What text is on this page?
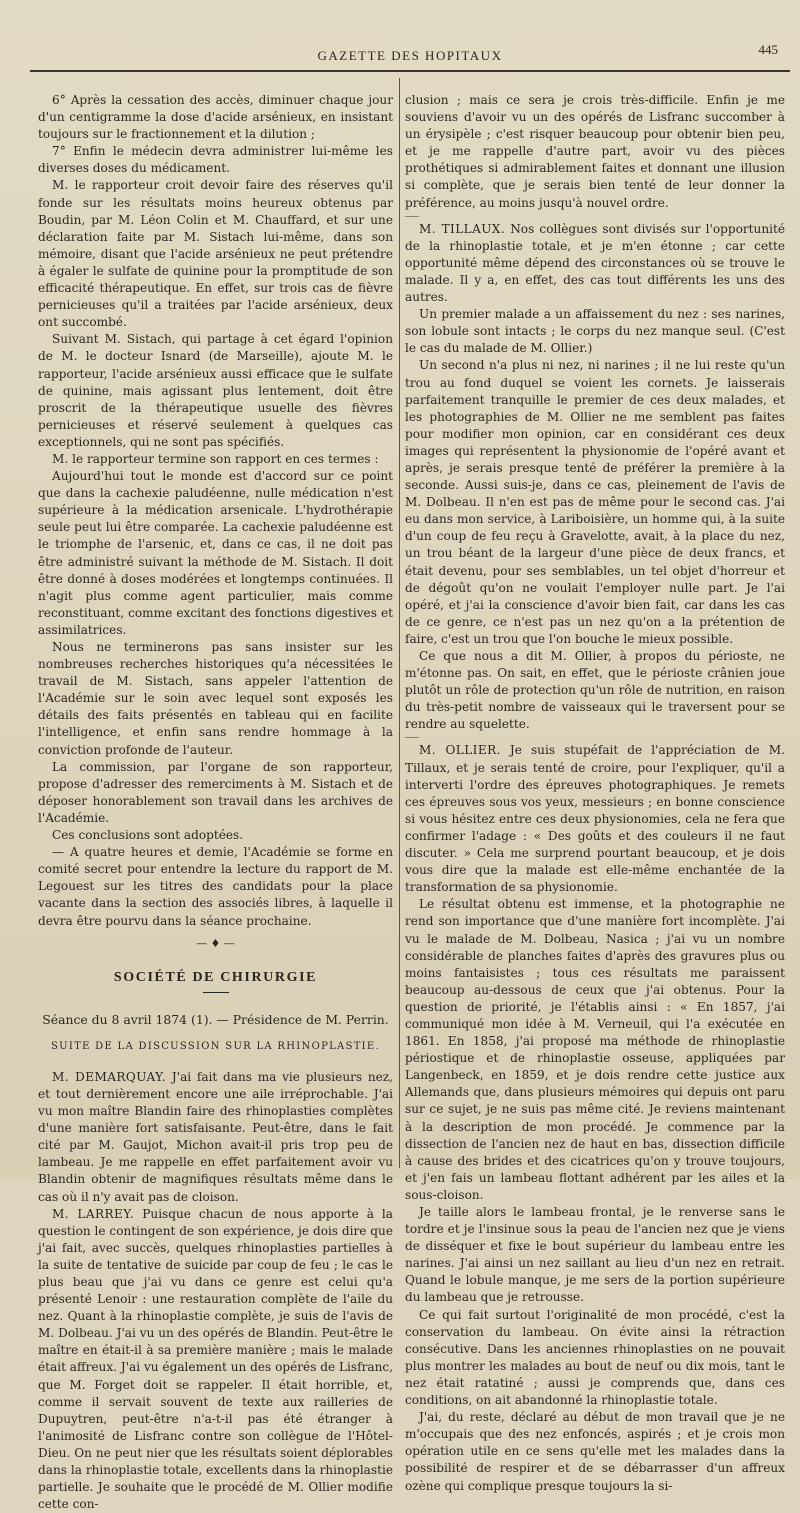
GAZETTE DES HOPITAUX	445

6° Après la cessation des accès, diminuer chaque jour d'un centigramme la dose d'acide arsénieux, en insistant toujours sur le fractionnement et la dilution ;

7° Enfin le médecin devra administrer lui-même les diverses doses du médicament.

M. le rapporteur croit devoir faire des réserves qu'il fonde sur les résultats moins heureux obtenus par Boudin, par M. Léon Colin et M. Chauffard, et sur une déclaration faite par M. Sistach lui-même, dans son mémoire, disant que l'acide arsénieux ne peut prétendre à égaler le sulfate de quinine pour la promptitude de son efficacité thérapeutique. En effet, sur trois cas de fièvre pernicieuses qu'il a traitées par l'acide arsénieux, deux ont succombé.

Suivant M. Sistach, qui partage à cet égard l'opinion de M. le docteur Isnard (de Marseille), ajoute M. le rapporteur, l'acide arsénieux aussi efficace que le sulfate de quinine, mais agissant plus lentement, doit être proscrit de la thérapeutique usuelle des fièvres pernicieuses et réservé seulement à quelques cas exceptionnels, qui ne sont pas spécifiés.

M. le rapporteur termine son rapport en ces termes :

Aujourd'hui tout le monde est d'accord sur ce point que dans la cachexie paludéenne, nulle médication n'est supérieure à la médication arsenicale. L'hydrothérapie seule peut lui être comparée. La cachexie paludéenne est le triomphe de l'arsenic, et, dans ce cas, il ne doit pas être administré suivant la méthode de M. Sistach. Il doit être donné à doses modérées et longtemps continuées. Il n'agit plus comme agent particulier, mais comme reconstituant, comme excitant des fonctions digestives et assimilatrices.

Nous ne terminerons pas sans insister sur les nombreuses recherches historiques qu'a nécessitées le travail de M. Sistach, sans appeler l'attention de l'Académie sur le soin avec lequel sont exposés les détails des faits présentés en tableau qui en facilite l'intelligence, et enfin sans rendre hommage à la conviction profonde de l'auteur.

La commission, par l'organe de son rapporteur, propose d'adresser des remerciments à M. Sistach et de déposer honorablement son travail dans les archives de l'Académie.

Ces conclusions sont adoptées.

— A quatre heures et demie, l'Académie se forme en comité secret pour entendre la lecture du rapport de M. Legouest sur les titres des candidats pour la place vacante dans la section des associés libres, à laquelle il devra être pourvu dans la séance prochaine.

— ♦ —
SOCIÉTÉ DE CHIRURGIE

Séance du 8 avril 1874 (1). — Présidence de M. Perrin.

SUITE DE LA DISCUSSION SUR LA RHINOPLASTIE.

M. DEMARQUAY. J'ai fait dans ma vie plusieurs nez, et tout dernièrement encore une aile irréprochable. J'ai vu mon maître Blandin faire des rhinoplasties complètes d'une manière fort satisfaisante. Peut-être, dans le fait cité par M. Gaujot, Michon avait-il pris trop peu de lambeau. Je me rappelle en effet parfaitement avoir vu Blandin obtenir de magnifiques résultats même dans le cas où il n'y avait pas de cloison.

M. LARREY. Puisque chacun de nous apporte à la question le contingent de son expérience, je dois dire que j'ai fait, avec succès, quelques rhinoplasties partielles à la suite de tentative de suicide par coup de feu ; le cas le plus beau que j'ai vu dans ce genre est celui qu'a présenté Lenoir : une restauration complète de l'aile du nez. Quant à la rhinoplastie complète, je suis de l'avis de M. Dolbeau. J'ai vu un des opérés de Blandin. Peut-être le maître en était-il à sa première manière ; mais le malade était affreux. J'ai vu également un des opérés de Lisfranc, que M. Forget doit se rappeler. Il était horrible, et, comme il servait souvent de texte aux railleries de Dupuytren, peut-être n'a-t-il pas été étranger à l'animosité de Lisfranc contre son collègue de l'Hôtel-Dieu. On ne peut nier que les résultats soient déplorables dans la rhinoplastie totale, excellents dans la rhinoplastie partielle. Je souhaite que le procédé de M. Ollier modifie cette con-

clusion ; mais ce sera je crois très-difficile. Enfin je me souviens d'avoir vu un des opérés de Lisfranc succomber à un érysipèle ; c'est risquer beaucoup pour obtenir bien peu, et je me rappelle d'autre part, avoir vu des pièces prothétiques si admirablement faites et donnant une illusion si complète, que je serais bien tenté de leur donner la préférence, au moins jusqu'à nouvel ordre.

M. TILLAUX. Nos collègues sont divisés sur l'opportunité de la rhinoplastie totale, et je m'en étonne ; car cette opportunité même dépend des circonstances où se trouve le malade. Il y a, en effet, des cas tout différents les uns des autres.

Un premier malade a un affaissement du nez : ses narines, son lobule sont intacts ; le corps du nez manque seul. (C'est le cas du malade de M. Ollier.)

Un second n'a plus ni nez, ni narines ; il ne lui reste qu'un trou au fond duquel se voient les cornets. Je laisserais parfaitement tranquille le premier de ces deux malades, et les photographies de M. Ollier ne me semblent pas faites pour modifier mon opinion, car en considérant ces deux images qui représentent la physionomie de l'opéré avant et après, je serais presque tenté de préférer la première à la seconde. Aussi suis-je, dans ce cas, pleinement de l'avis de M. Dolbeau. Il n'en est pas de même pour le second cas. J'ai eu dans mon service, à Lariboisière, un homme qui, à la suite d'un coup de feu reçu à Gravelotte, avait, à la place du nez, un trou béant de la largeur d'une pièce de deux francs, et était devenu, pour ses semblables, un tel objet d'horreur et de dégoût qu'on ne voulait l'employer nulle part. Je l'ai opéré, et j'ai la conscience d'avoir bien fait, car dans les cas de ce genre, ce n'est pas un nez qu'on a la prétention de faire, c'est un trou que l'on bouche le mieux possible.

Ce que nous a dit M. Ollier, à propos du périoste, ne m'étonne pas. On sait, en effet, que le périoste crânien joue plutôt un rôle de protection qu'un rôle de nutrition, en raison du très-petit nombre de vaisseaux qui le traversent pour se rendre au squelette.

M. OLLIER. Je suis stupéfait de l'appréciation de M. Tillaux, et je serais tenté de croire, pour l'expliquer, qu'il a interverti l'ordre des épreuves photographiques. Je remets ces épreuves sous vos yeux, messieurs ; en bonne conscience si vous hésitez entre ces deux physionomies, cela ne fera que confirmer l'adage : « Des goûts et des couleurs il ne faut discuter. » Cela me surprend pourtant beaucoup, et je dois vous dire que la malade est elle-même enchantée de la transformation de sa physionomie.

Le résultat obtenu est immense, et la photographie ne rend son importance que d'une manière fort incomplète. J'ai vu le malade de M. Dolbeau, Nasica ; j'ai vu un nombre considérable de planches faites d'après des gravures plus ou moins fantaisistes ; tous ces résultats me paraissent beaucoup au-dessous de ceux que j'ai obtenus. Pour la question de priorité, je l'établis ainsi : « En 1857, j'ai communiqué mon idée à M. Verneuil, qui l'a exécutée en 1861. En 1858, j'ai proposé ma méthode de rhinoplastie périostique et de rhinoplastie osseuse, appliquées par Langenbeck, en 1859, et je dois rendre cette justice aux Allemands que, dans plusieurs mémoires qui depuis ont paru sur ce sujet, je ne suis pas même cité. Je reviens maintenant à la description de mon procédé. Je commence par la dissection de l'ancien nez de haut en bas, dissection difficile à cause des brides et des cicatrices qu'on y trouve toujours, et j'en fais un lambeau flottant adhérent par les ailes et la sous-cloison.

Je taille alors le lambeau frontal, je le renverse sans le tordre et je l'insinue sous la peau de l'ancien nez que je viens de disséquer et fixe le bout supérieur du lambeau entre les narines. J'ai ainsi un nez saillant au lieu d'un nez en retrait. Quand le lobule manque, je me sers de la portion supérieure du lambeau que je retrousse.

Ce qui fait surtout l'originalité de mon procédé, c'est la conservation du lambeau. On évite ainsi la rétraction consécutive. Dans les anciennes rhinoplasties on ne pouvait plus montrer les malades au bout de neuf ou dix mois, tant le nez était ratatiné ; aussi je comprends que, dans ces conditions, on ait abandonné la rhinoplastie totale.

J'ai, du reste, déclaré au début de mon travail que je ne m'occupais que des nez enfoncés, aspirés ; et je crois mon opération utile en ce sens qu'elle met les malades dans la possibilité de respirer et de se débarrasser d'un affreux ozène qui complique presque toujours la si-
